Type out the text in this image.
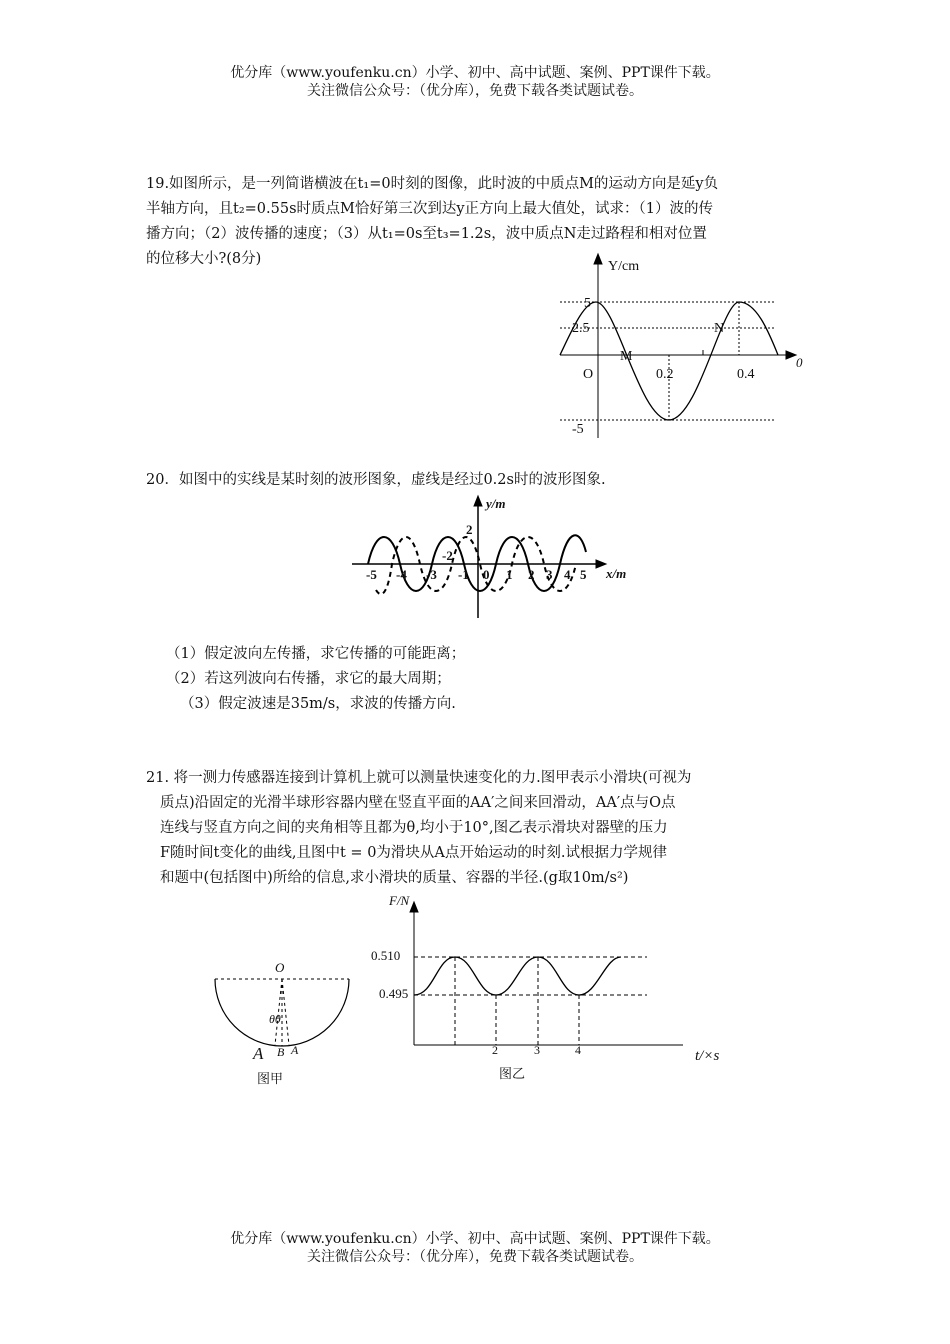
优分库（www.youfenku.cn）小学、初中、高中试题、案例、PPT课件下载。
关注微信公众号：（优分库），免费下载各类试题试卷。
19.如图所示，是一列简谐横波在t₁=0时刻的图像，此时波的中质点M的运动方向是延y负
半轴方向，且t₂=0.55s时质点M恰好第三次到达y正方向上最大值处，试求：（1）波的传
播方向；（2）波传播的速度；（3）从t₁=0s至t₃=1.2s，波中质点N走过路程和相对位置
的位移大小?(8分)	Y/cm
5
2.5
-5
O	0.2	0.4
0
M
N
20．如图中的实线是某时刻的波形图象，虚线是经过0.2s时的波形图象.
y/m
x/m
2
-2
-5 -4 -3 -1 0 1 2 3 4 5
（1）假定波向左传播，求它传播的可能距离；
（2）若这列波向右传播，求它的最大周期；
（3）假定波速是35m/s，求波的传播方向.
21. 将一测力传感器连接到计算机上就可以测量快速变化的力.图甲表示小滑块(可视为
质点)沿固定的光滑半球形容器内壁在竖直平面的AA′之间来回滑动，AA′点与O点
连线与竖直方向之间的夹角相等且都为θ,均小于10°,图乙表示滑块对器壁的压力
F随时间t变化的曲线,且图中t = 0为滑块从A点开始运动的时刻.试根据力学规律
和题中(包括图中)所给的信息,求小滑块的质量、容器的半径.(g取10m/s²)
O
θθ
A B A
图甲
F/N
0.510
0.495
2	3	4	t/×s
图乙
优分库（www.youfenku.cn）小学、初中、高中试题、案例、PPT课件下载。
关注微信公众号：（优分库），免费下载各类试题试卷。
